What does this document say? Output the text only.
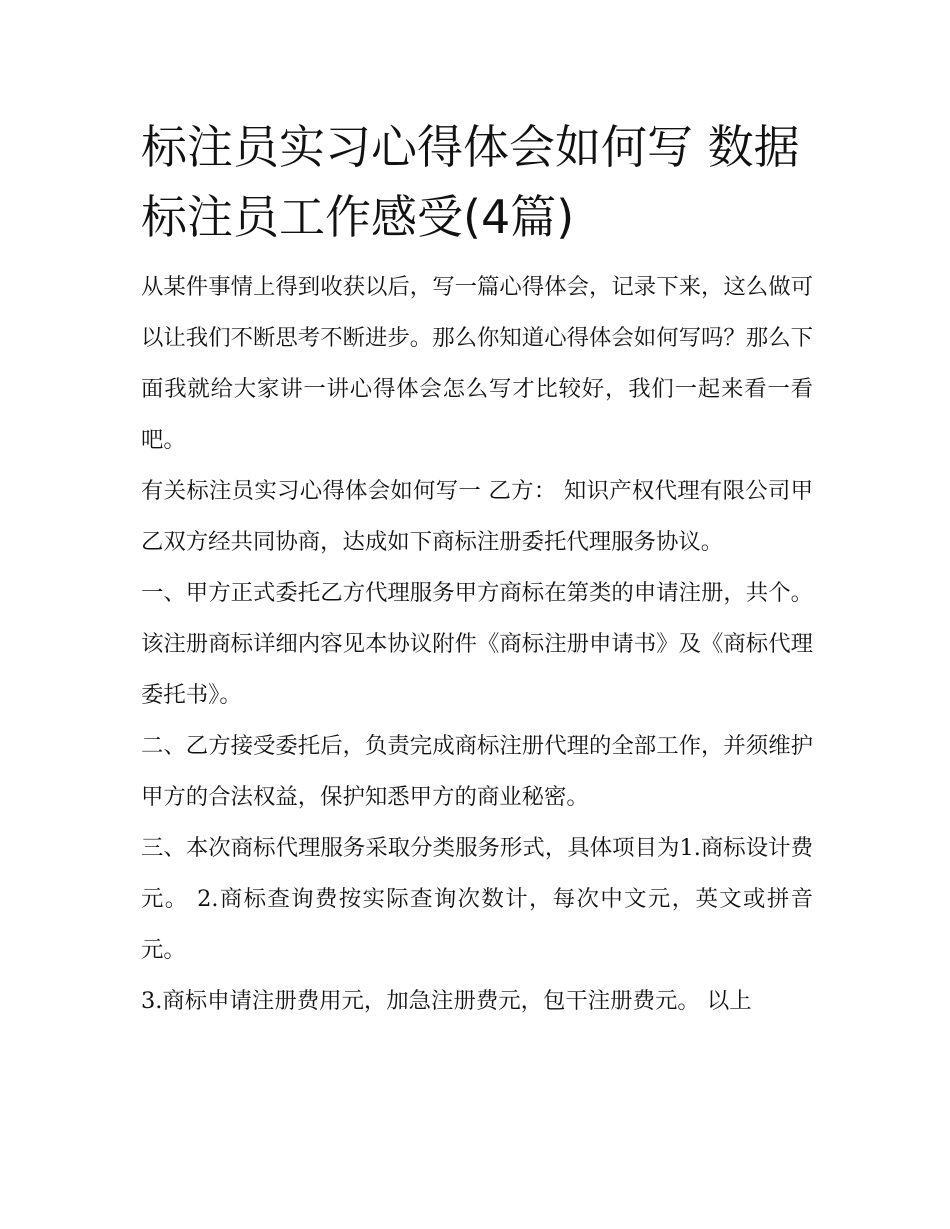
标注员实习心得体会如何写 数据标注员工作感受(4篇)

从某件事情上得到收获以后，写一篇心得体会，记录下来，这么做可以让我们不断思考不断进步。那么你知道心得体会如何写吗？那么下面我就给大家讲一讲心得体会怎么写才比较好，我们一起来看一看吧。

有关标注员实习心得体会如何写一 乙方： 知识产权代理有限公司甲乙双方经共同协商，达成如下商标注册委托代理服务协议。

一、甲方正式委托乙方代理服务甲方商标在第类的申请注册，共个。 该注册商标详细内容见本协议附件《商标注册申请书》及《商标代理委托书》。

二、乙方接受委托后，负责完成商标注册代理的全部工作，并须维护甲方的合法权益，保护知悉甲方的商业秘密。

三、本次商标代理服务采取分类服务形式，具体项目为1.商标设计费元。 2.商标查询费按实际查询次数计，每次中文元，英文或拼音元。

3.商标申请注册费用元，加急注册费元，包干注册费元。 以上
